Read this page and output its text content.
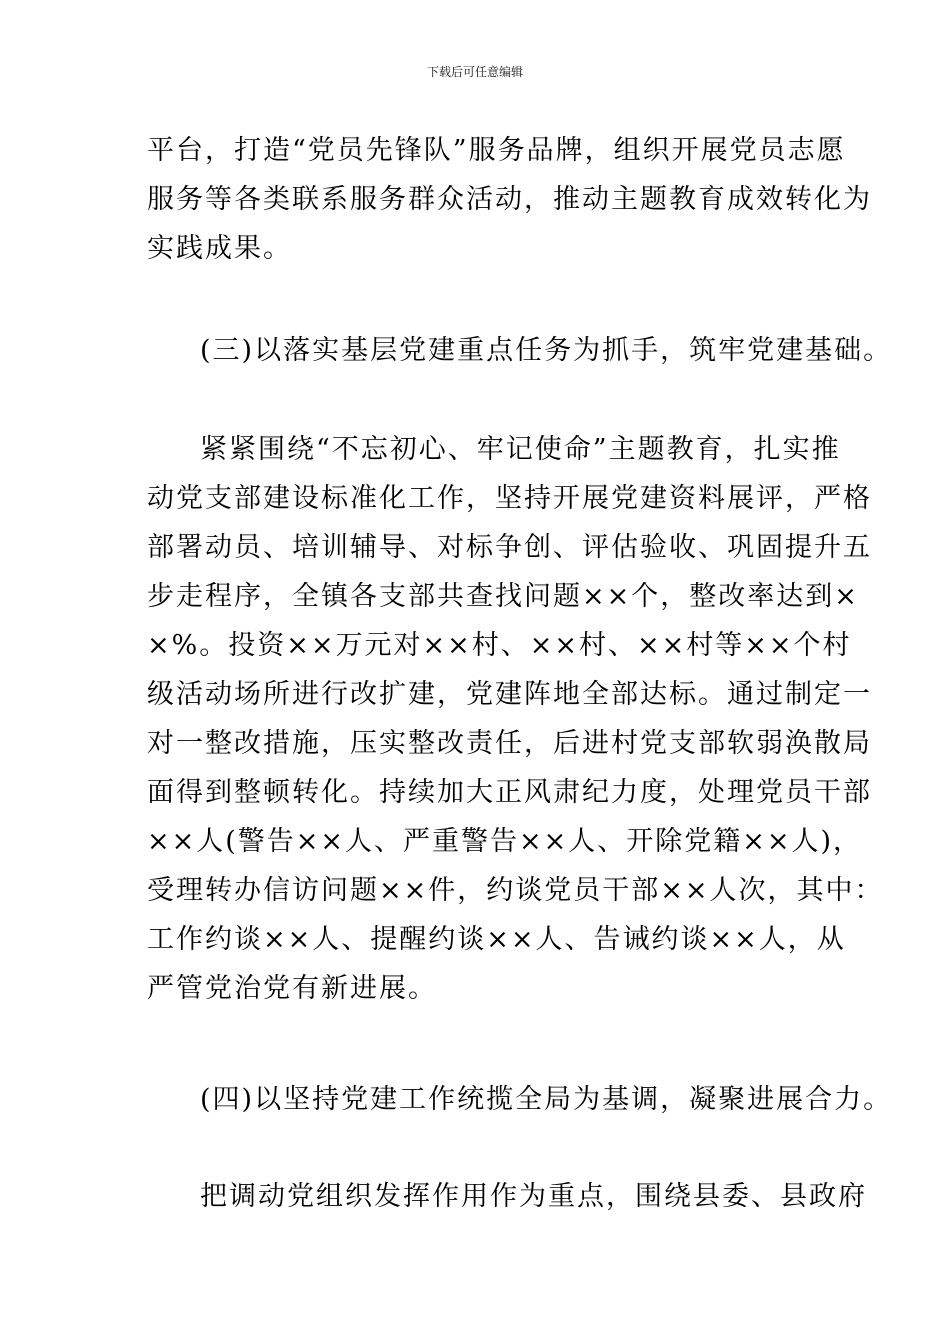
下载后可任意编辑
平台，打造“党员先锋队”服务品牌，组织开展党员志愿
服务等各类联系服务群众活动，推动主题教育成效转化为
实践成果。
(三)以落实基层党建重点任务为抓手，筑牢党建基础。
紧紧围绕“不忘初心、牢记使命”主题教育，扎实推
动党支部建设标准化工作，坚持开展党建资料展评，严格
部署动员、培训辅导、对标争创、评估验收、巩固提升五
步走程序，全镇各支部共查找问题××个，整改率达到×
×%。投资××万元对××村、××村、××村等××个村
级活动场所进行改扩建，党建阵地全部达标。通过制定一
对一整改措施，压实整改责任，后进村党支部软弱涣散局
面得到整顿转化。持续加大正风肃纪力度，处理党员干部
××人(警告××人、严重警告××人、开除党籍××人)，
受理转办信访问题××件，约谈党员干部××人次，其中：
工作约谈××人、提醒约谈××人、告诫约谈××人，从
严管党治党有新进展。
(四)以坚持党建工作统揽全局为基调，凝聚进展合力。
把调动党组织发挥作用作为重点，围绕县委、县政府
